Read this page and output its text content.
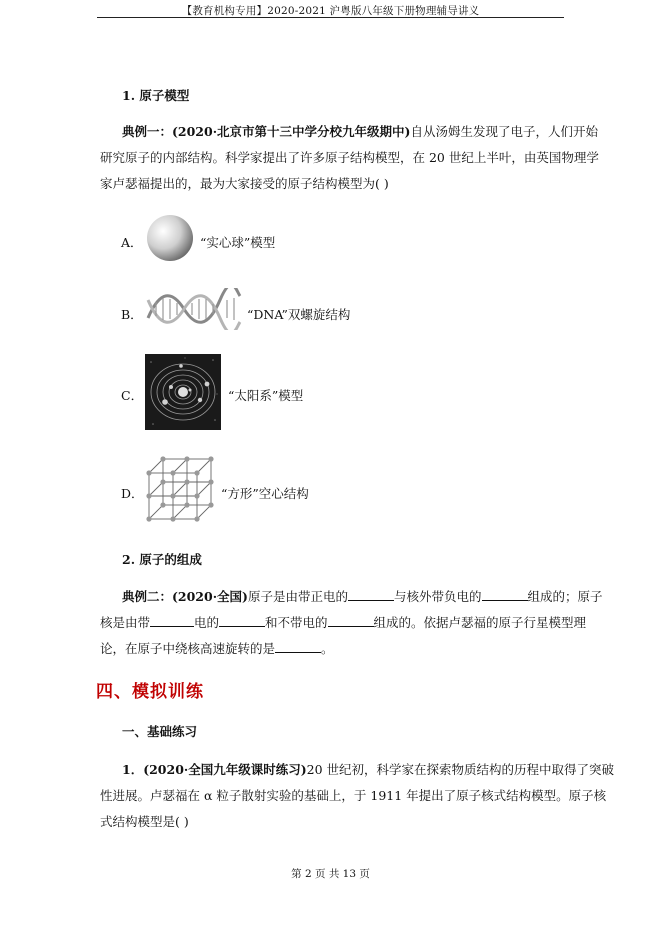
【教育机构专用】2020-2021 沪粤版八年级下册物理辅导讲义
1. 原子模型
典例一：(2020·北京市第十三中学分校九年级期中)自从汤姆生发现了电子，人们开始
研究原子的内部结构。科学家提出了许多原子结构模型，在 20 世纪上半叶，由英国物理学
家卢瑟福提出的，最为大家接受的原子结构模型为( )
A．	“实心球”模型
B．	“DNA”双螺旋结构
C．	“太阳系”模型
D．	“方形”空心结构
2. 原子的组成
典例二：(2020·全国)原子是由带正电的	与核外带负电的	组成的；原子
核是由带	电的	和不带电的	组成的。依据卢瑟福的原子行星模型理
论，在原子中绕核高速旋转的是	。
四、模拟训练
一、基础练习
1．(2020·全国九年级课时练习)20 世纪初，科学家在探索物质结构的历程中取得了突破
性进展。卢瑟福在 α 粒子散射实验的基础上，于 1911 年提出了原子核式结构模型。原子核
式结构模型是( )
第 2 页 共 13 页
